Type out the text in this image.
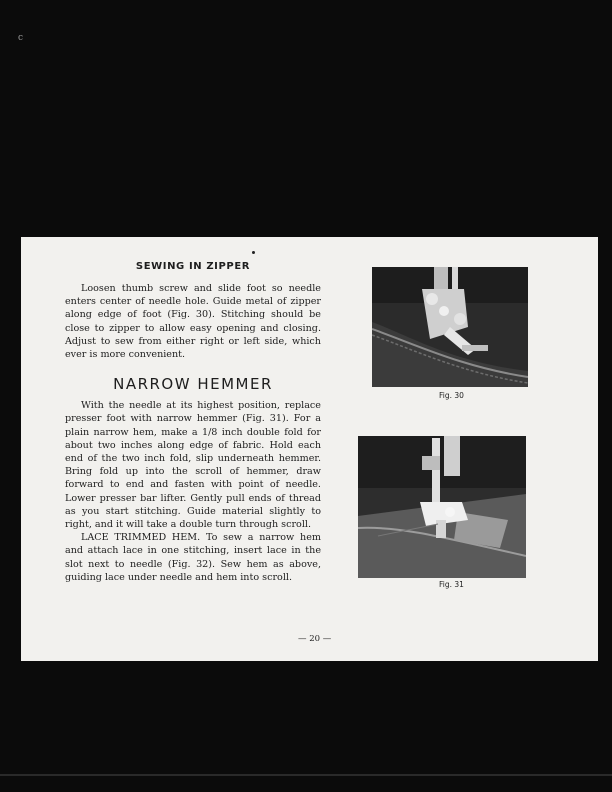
c
SEWING IN ZIPPER

Loosen thumb screw and slide foot so needle enters center of needle hole. Guide metal of zipper along edge of foot (Fig. 30). Stitching should be close to zipper to allow easy opening and closing. Adjust to sew from either right or left side, which ever is more convenient.

NARROW HEMMER

With the needle at its highest position, replace presser foot with narrow hemmer (Fig. 31). For a plain narrow hem, make a 1/8 inch double fold for about two inches along edge of fabric. Hold each end of the two inch fold, slip underneath hemmer. Bring fold up into the scroll of hemmer, draw forward to end and fasten with point of needle. Lower presser bar lifter. Gently pull ends of thread as you start stitching. Guide material slightly to right, and it will take a double turn through scroll.

LACE TRIMMED HEM. To sew a narrow hem and attach lace in one stitching, insert lace in the slot next to needle (Fig. 32). Sew hem as above, guiding lace under needle and hem into scroll.

Fig. 30
Fig. 31
— 20 —
